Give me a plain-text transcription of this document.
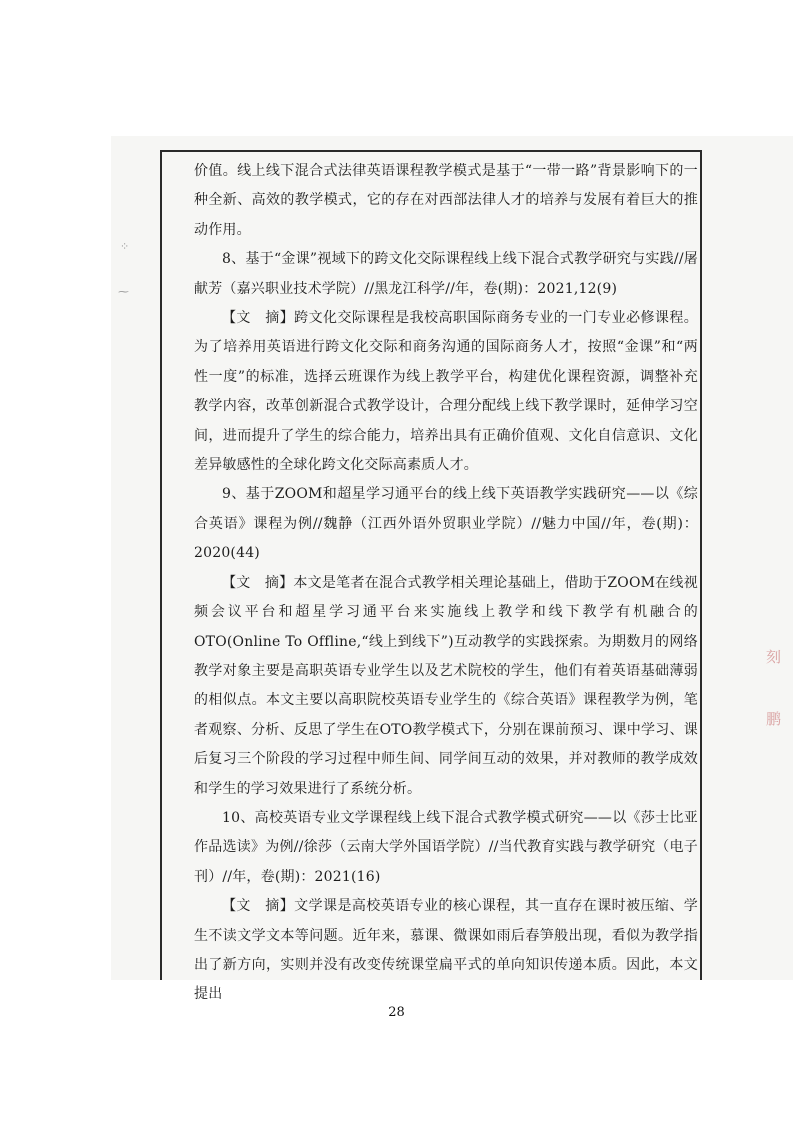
⁘
⁓
刻
鹏

价值。线上线下混合式法律英语课程教学模式是基于“一带一路”背景影响下的一种全新、高效的教学模式，它的存在对西部法律人才的培养与发展有着巨大的推动作用。

8、基于“金课”视域下的跨文化交际课程线上线下混合式教学研究与实践//屠献芳（嘉兴职业技术学院）//黑龙江科学//年，卷(期)：2021,12(9)

【文　摘】跨文化交际课程是我校高职国际商务专业的一门专业必修课程。为了培养用英语进行跨文化交际和商务沟通的国际商务人才，按照“金课”和“两性一度”的标准，选择云班课作为线上教学平台，构建优化课程资源，调整补充教学内容，改革创新混合式教学设计，合理分配线上线下教学课时，延伸学习空间，进而提升了学生的综合能力，培养出具有正确价值观、文化自信意识、文化差异敏感性的全球化跨文化交际高素质人才。

9、基于ZOOM和超星学习通平台的线上线下英语教学实践研究——以《综合英语》课程为例//魏静（江西外语外贸职业学院）//魅力中国//年，卷(期)：2020(44)

【文　摘】本文是笔者在混合式教学相关理论基础上，借助于ZOOM在线视频会议平台和超星学习通平台来实施线上教学和线下教学有机融合的OTO(Online To Offline,“线上到线下”)互动教学的实践探索。为期数月的网络教学对象主要是高职英语专业学生以及艺术院校的学生，他们有着英语基础薄弱的相似点。本文主要以高职院校英语专业学生的《综合英语》课程教学为例，笔者观察、分析、反思了学生在OTO教学模式下，分别在课前预习、课中学习、课后复习三个阶段的学习过程中师生间、同学间互动的效果，并对教师的教学成效和学生的学习效果进行了系统分析。

10、高校英语专业文学课程线上线下混合式教学模式研究——以《莎士比亚作品选读》为例//徐莎（云南大学外国语学院）//当代教育实践与教学研究（电子刊）//年，卷(期)：2021(16)

【文　摘】文学课是高校英语专业的核心课程，其一直存在课时被压缩、学生不读文学文本等问题。近年来，慕课、微课如雨后春笋般出现，看似为教学指出了新方向，实则并没有改变传统课堂扁平式的单向知识传递本质。因此，本文提出

28
